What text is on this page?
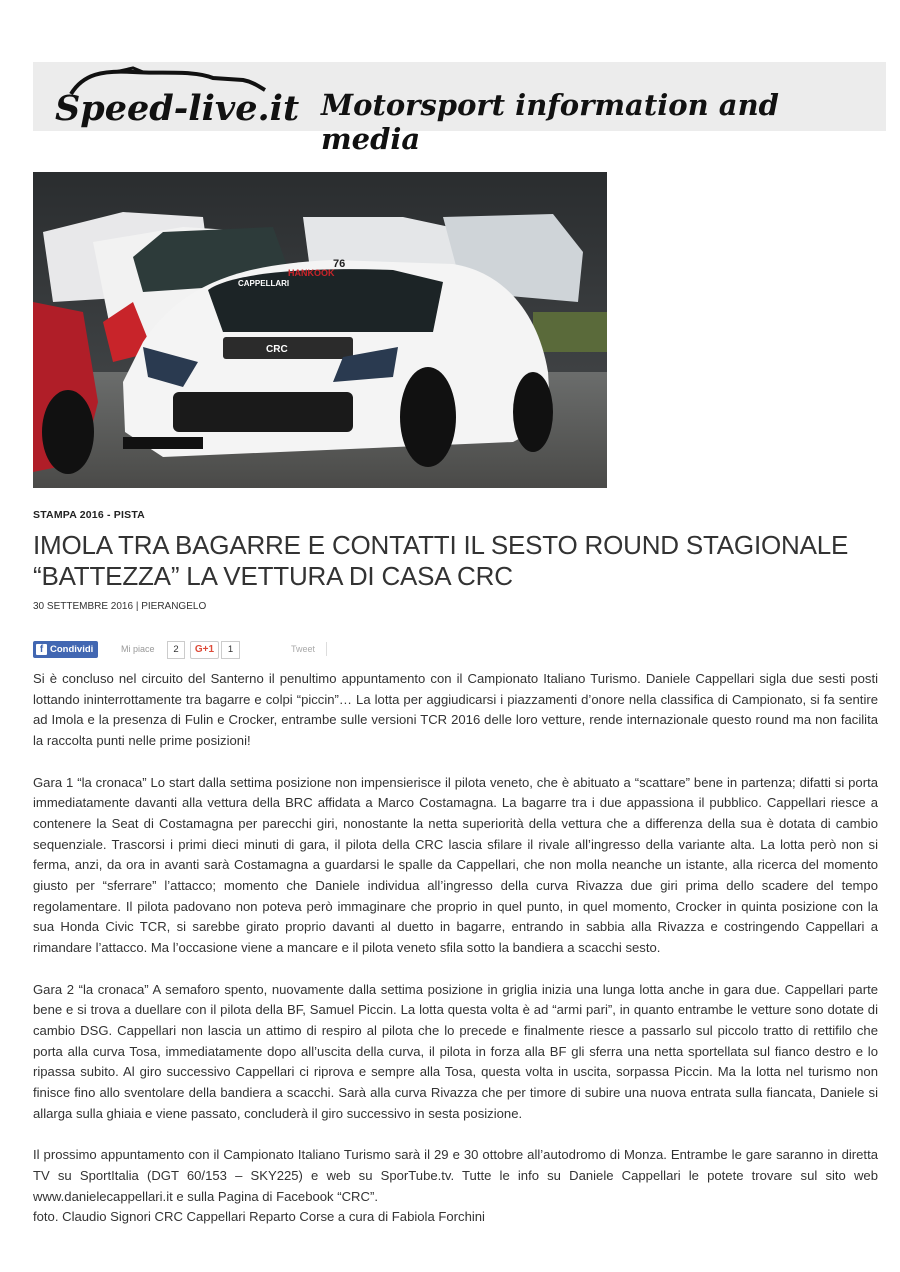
Speed-live.it Motorsport information and media
76
HANKOOK
CAPPELLARI
CRC
STAMPA 2016 - PISTA
IMOLA TRA BAGARRE E CONTATTI IL SESTO ROUND STAGIONALE “BATTEZZA” LA VETTURA DI CASA CRC
30 SETTEMBRE 2016 | PIERANGELO
f Condividi	Mi piace	2	G+1	1	Tweet

Si è concluso nel circuito del Santerno il penultimo appuntamento con il Campionato Italiano Turismo. Daniele Cappellari sigla due sesti posti lottando ininterrottamente tra bagarre e colpi “piccin”… La lotta per aggiudicarsi i piazzamenti d’onore nella classifica di Campionato, si fa sentire ad Imola e la presenza di Fulin e Crocker, entrambe sulle versioni TCR 2016 delle loro vetture, rende internazionale questo round ma non facilita la raccolta punti nelle prime posizioni!

Gara 1 “la cronaca” Lo start dalla settima posizione non impensierisce il pilota veneto, che è abituato a “scattare” bene in partenza; difatti si porta immediatamente davanti alla vettura della BRC affidata a Marco Costamagna. La bagarre tra i due appassiona il pubblico. Cappellari riesce a contenere la Seat di Costamagna per parecchi giri, nonostante la netta superiorità della vettura che a differenza della sua è dotata di cambio sequenziale. Trascorsi i primi dieci minuti di gara, il pilota della CRC lascia sfilare il rivale all’ingresso della variante alta. La lotta però non si ferma, anzi, da ora in avanti sarà Costamagna a guardarsi le spalle da Cappellari, che non molla neanche un istante, alla ricerca del momento giusto per “sferrare” l’attacco; momento che Daniele individua all’ingresso della curva Rivazza due giri prima dello scadere del tempo regolamentare. Il pilota padovano non poteva però immaginare che proprio in quel punto, in quel momento, Crocker in quinta posizione con la sua Honda Civic TCR, si sarebbe girato proprio davanti al duetto in bagarre, entrando in sabbia alla Rivazza e costringendo Cappellari a rimandare l’attacco. Ma l’occasione viene a mancare e il pilota veneto sfila sotto la bandiera a scacchi sesto.

Gara 2 “la cronaca” A semaforo spento, nuovamente dalla settima posizione in griglia inizia una lunga lotta anche in gara due. Cappellari parte bene e si trova a duellare con il pilota della BF, Samuel Piccin. La lotta questa volta è ad “armi pari”, in quanto entrambe le vetture sono dotate di cambio DSG. Cappellari non lascia un attimo di respiro al pilota che lo precede e finalmente riesce a passarlo sul piccolo tratto di rettifilo che porta alla curva Tosa, immediatamente dopo all’uscita della curva, il pilota in forza alla BF gli sferra una netta sportellata sul fianco destro e lo ripassa subito. Al giro successivo Cappellari ci riprova e sempre alla Tosa, questa volta in uscita, sorpassa Piccin. Ma la lotta nel turismo non finisce fino allo sventolare della bandiera a scacchi. Sarà alla curva Rivazza che per timore di subire una nuova entrata sulla fiancata, Daniele si allarga sulla ghiaia e viene passato, concluderà il giro successivo in sesta posizione.

Il prossimo appuntamento con il Campionato Italiano Turismo sarà il 29 e 30 ottobre all’autodromo di Monza. Entrambe le gare saranno in diretta TV su SportItalia (DGT 60/153 – SKY225) e web su SporTube.tv. Tutte le info su Daniele Cappellari le potete trovare sul sito web www.danielecappellari.it e sulla Pagina di Facebook “CRC”.

foto. Claudio Signori CRC Cappellari Reparto Corse a cura di Fabiola Forchini
